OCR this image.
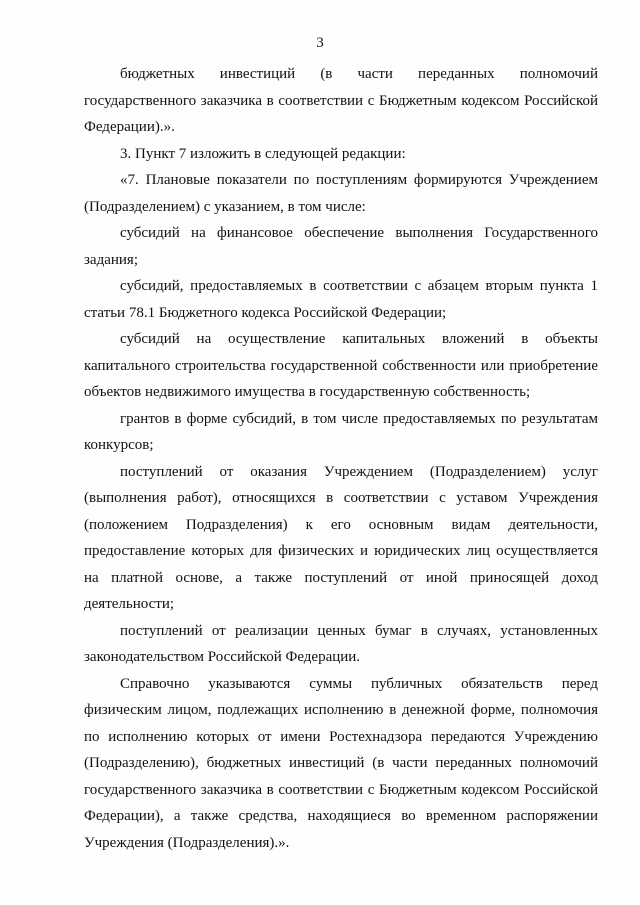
3

бюджетных инвестиций (в части переданных полномочий государственного заказчика в соответствии с Бюджетным кодексом Российской Федерации).».

3. Пункт 7 изложить в следующей редакции:

«7. Плановые показатели по поступлениям формируются Учреждением (Подразделением) с указанием, в том числе:

субсидий на финансовое обеспечение выполнения Государственного задания;

субсидий, предоставляемых в соответствии с абзацем вторым пункта 1 статьи 78.1 Бюджетного кодекса Российской Федерации;

субсидий на осуществление капитальных вложений в объекты капитального строительства государственной собственности или приобретение объектов недвижимого имущества в государственную собственность;

грантов в форме субсидий, в том числе предоставляемых по результатам конкурсов;

поступлений от оказания Учреждением (Подразделением) услуг (выполнения работ), относящихся в соответствии с уставом Учреждения (положением Подразделения) к его основным видам деятельности, предоставление которых для физических и юридических лиц осуществляется на платной основе, а также поступлений от иной приносящей доход деятельности;

поступлений от реализации ценных бумаг в случаях, установленных законодательством Российской Федерации.

Справочно указываются суммы публичных обязательств перед физическим лицом, подлежащих исполнению в денежной форме, полномочия по исполнению которых от имени Ростехнадзора передаются Учреждению (Подразделению), бюджетных инвестиций (в части переданных полномочий государственного заказчика в соответствии с Бюджетным кодексом Российской Федерации), а также средства, находящиеся во временном распоряжении Учреждения (Подразделения).».
